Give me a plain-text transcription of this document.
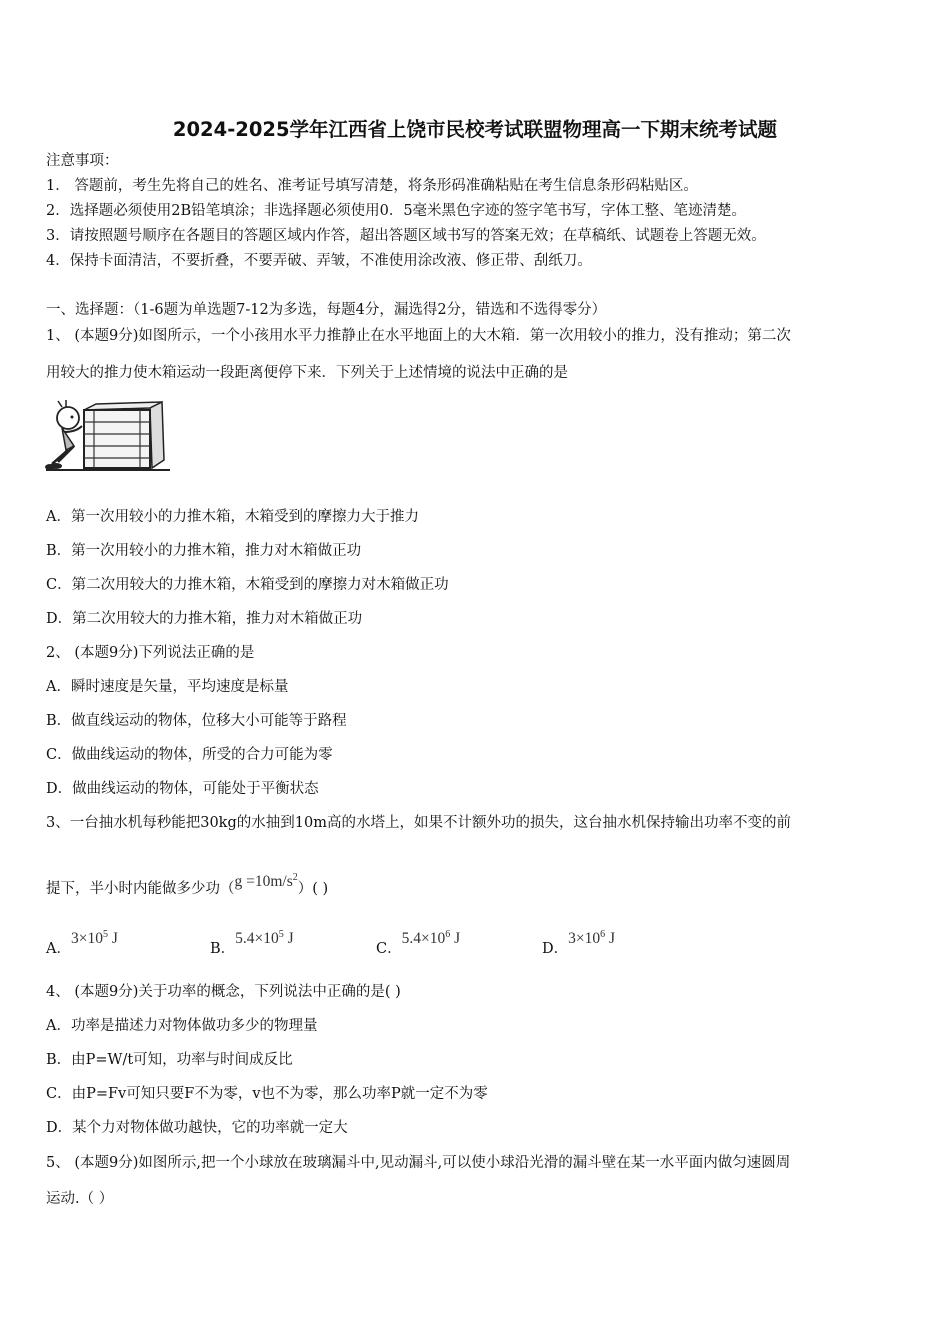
2024-2025学年江西省上饶市民校考试联盟物理高一下期末统考试题
注意事项：
1． 答题前，考生先将自己的姓名、准考证号填写清楚，将条形码准确粘贴在考生信息条形码粘贴区。
2．选择题必须使用2B铅笔填涂；非选择题必须使用0．5毫米黑色字迹的签字笔书写，字体工整、笔迹清楚。
3．请按照题号顺序在各题目的答题区域内作答，超出答题区域书写的答案无效；在草稿纸、试题卷上答题无效。
4．保持卡面清洁，不要折叠，不要弄破、弄皱，不准使用涂改液、修正带、刮纸刀。
一、选择题：（1-6题为单选题7-12为多选，每题4分，漏选得2分，错选和不选得零分）
1、 (本题9分)如图所示，一个小孩用水平力推静止在水平地面上的大木箱．第一次用较小的推力，没有推动；第二次
用较大的推力使木箱运动一段距离便停下来．下列关于上述情境的说法中正确的是
A．第一次用较小的力推木箱，木箱受到的摩擦力大于推力
B．第一次用较小的力推木箱，推力对木箱做正功
C．第二次用较大的力推木箱，木箱受到的摩擦力对木箱做正功
D．第二次用较大的力推木箱，推力对木箱做正功
2、 (本题9分)下列说法正确的是
A．瞬时速度是矢量，平均速度是标量
B．做直线运动的物体，位移大小可能等于路程
C．做曲线运动的物体，所受的合力可能为零
D．做曲线运动的物体，可能处于平衡状态
3、一台抽水机每秒能把30kg的水抽到10m高的水塔上，如果不计额外功的损失，这台抽水机保持输出功率不变的前
提下，半小时内能做多少功$(g =10m/s^2)$( )
A．$3\times 10^5$ J
B．$5.4\times 10^5$ J
C．$5.4\times 10^6$ J
D．$3\times 10^6$ J
4、 (本题9分)关于功率的概念，下列说法中正确的是( )
A．功率是描述力对物体做功多少的物理量
B．由P=W/t可知，功率与时间成反比
C．由P=Fv可知只要F不为零，v也不为零，那么功率P就一定不为零
D．某个力对物体做功越快，它的功率就一定大
5、 (本题9分)如图所示,把一个小球放在玻璃漏斗中,见动漏斗,可以使小球沿光滑的漏斗壁在某一水平面内做匀速圆周
运动.（ ）
